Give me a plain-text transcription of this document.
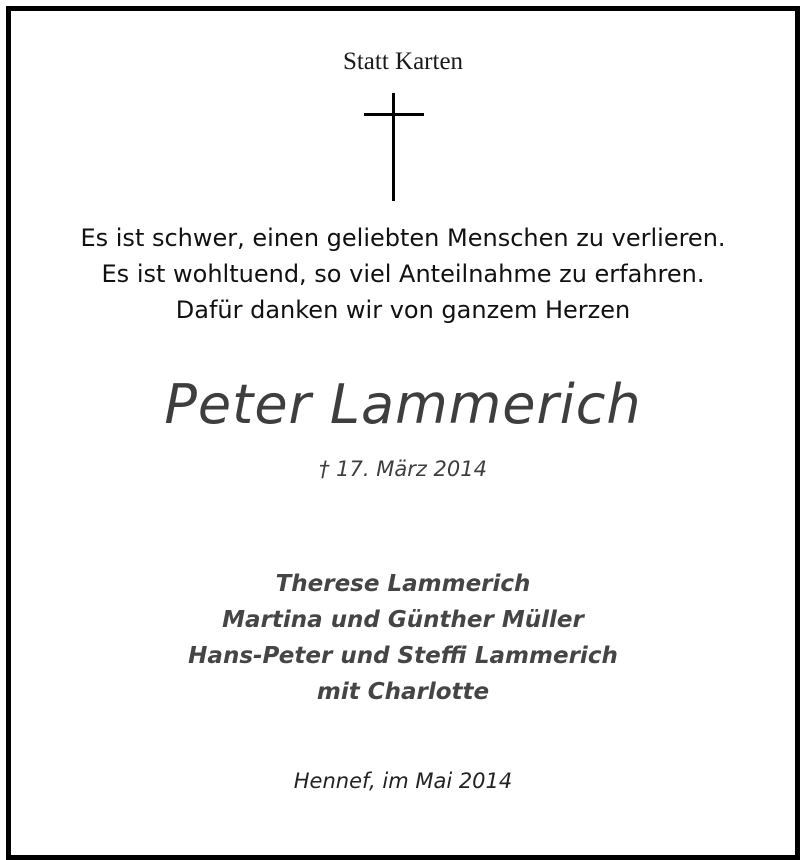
Statt Karten
Es ist schwer, einen geliebten Menschen zu verlieren.
Es ist wohltuend, so viel Anteilnahme zu erfahren.
Dafür danken wir von ganzem Herzen
Peter Lammerich
† 17. März 2014
Therese Lammerich
Martina und Günther Müller
Hans-Peter und Steffi Lammerich
mit Charlotte
Hennef, im Mai 2014
